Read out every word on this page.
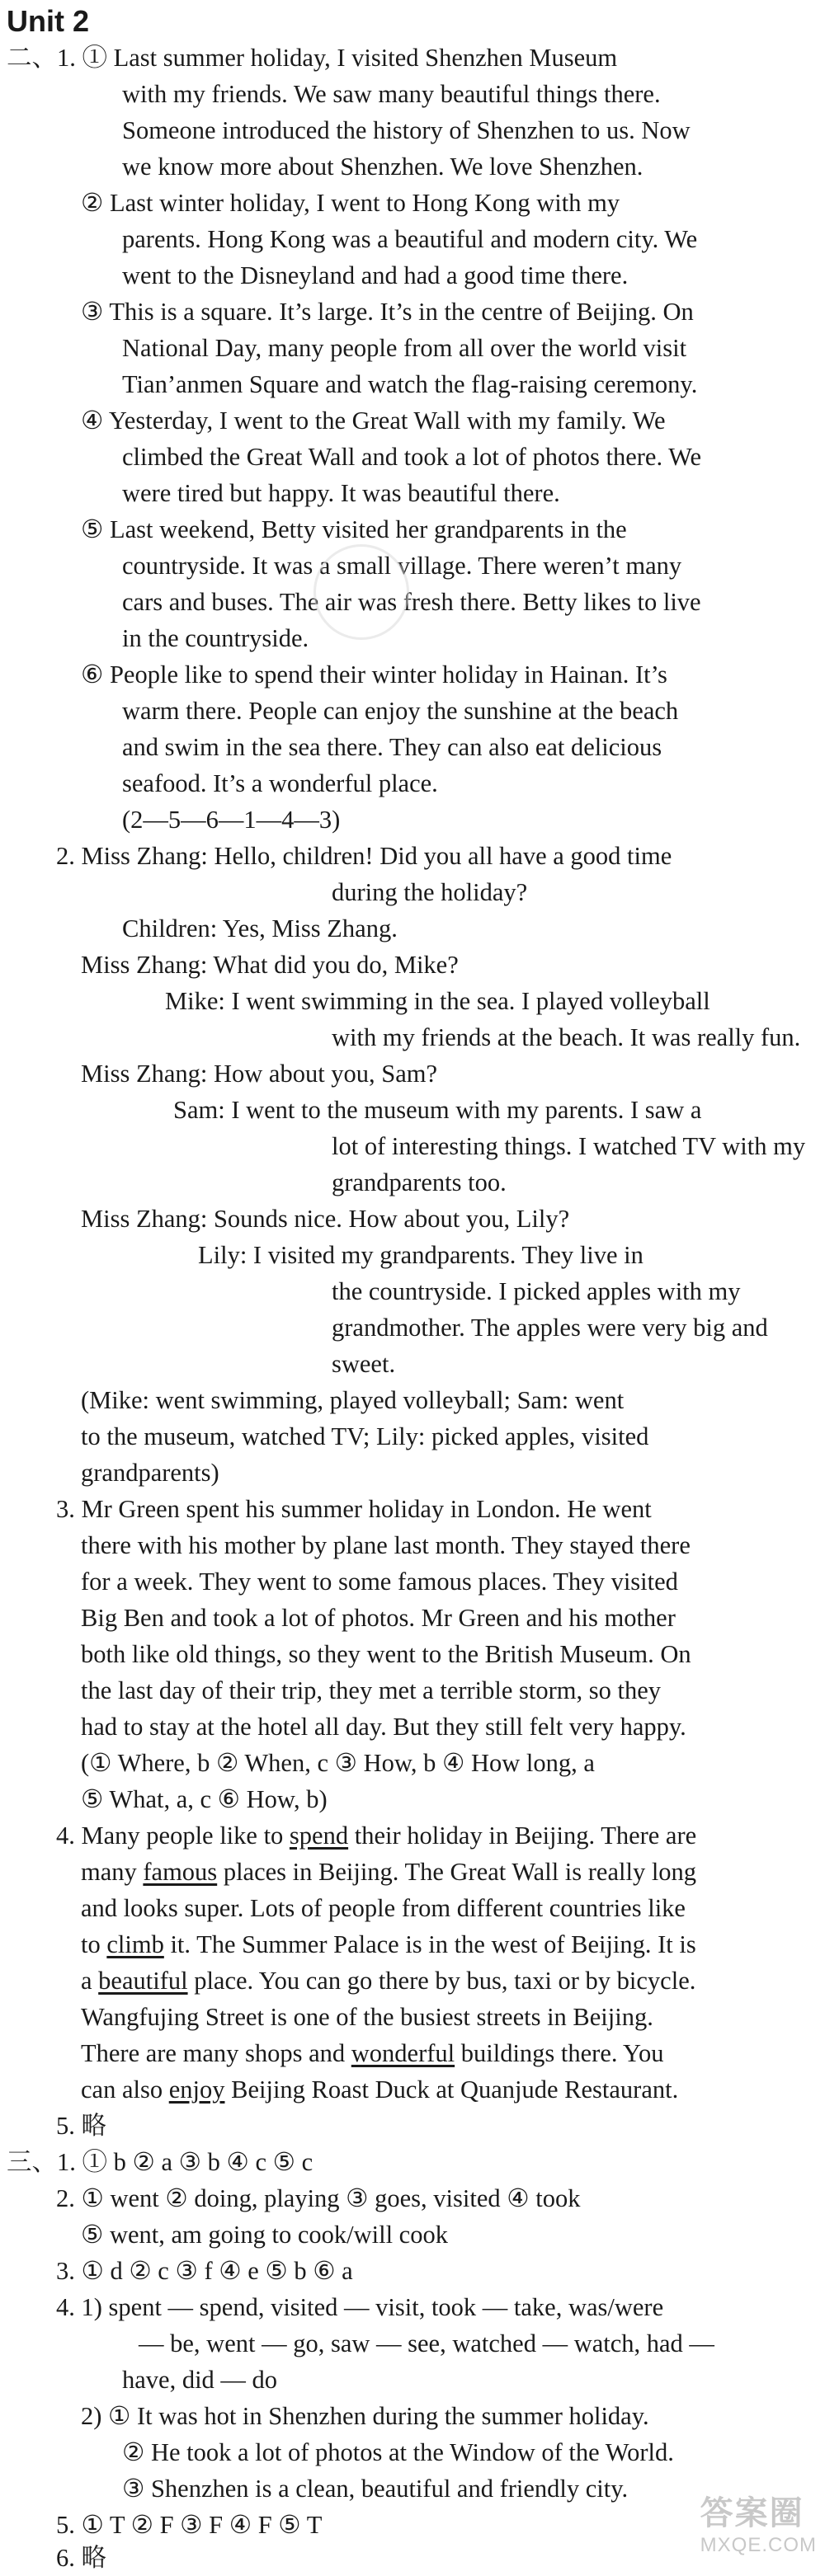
Unit 2
二、1. ① Last summer holiday, I visited Shenzhen Museum
with my friends. We saw many beautiful things there.
Someone introduced the history of Shenzhen to us. Now
we know more about Shenzhen. We love Shenzhen.
② Last winter holiday, I went to Hong Kong with my
parents. Hong Kong was a beautiful and modern city. We
went to the Disneyland and had a good time there.
③ This is a square. It’s large. It’s in the centre of Beijing. On
National Day, many people from all over the world visit
Tian’anmen Square and watch the flag-raising ceremony.
④ Yesterday, I went to the Great Wall with my family. We
climbed the Great Wall and took a lot of photos there. We
were tired but happy. It was beautiful there.
⑤ Last weekend, Betty visited her grandparents in the
countryside. It was a small village. There weren’t many
cars and buses. The air was fresh there. Betty likes to live
in the countryside.
⑥ People like to spend their winter holiday in Hainan. It’s
warm there. People can enjoy the sunshine at the beach
and swim in the sea there. They can also eat delicious
seafood. It’s a wonderful place.
(2—5—6—1—4—3)
2. Miss Zhang: Hello, children! Did you all have a good time
during the holiday?
Children: Yes, Miss Zhang.
Miss Zhang: What did you do, Mike?
Mike: I went swimming in the sea. I played volleyball
with my friends at the beach. It was really fun.
Miss Zhang: How about you, Sam?
Sam: I went to the museum with my parents. I saw a
lot of interesting things. I watched TV with my
grandparents too.
Miss Zhang: Sounds nice. How about you, Lily?
Lily: I visited my grandparents. They live in
the countryside. I picked apples with my
grandmother. The apples were very big and
sweet.
(Mike: went swimming, played volleyball; Sam: went
to the museum, watched TV; Lily: picked apples, visited
grandparents)
3. Mr Green spent his summer holiday in London. He went
there with his mother by plane last month. They stayed there
for a week. They went to some famous places. They visited
Big Ben and took a lot of photos. Mr Green and his mother
both like old things, so they went to the British Museum. On
the last day of their trip, they met a terrible storm, so they
had to stay at the hotel all day. But they still felt very happy.
(① Where, b ② When, c ③ How, b ④ How long, a
⑤ What, a, c ⑥ How, b)
4. Many people like to spend their holiday in Beijing. There are
many famous places in Beijing. The Great Wall is really long
and looks super. Lots of people from different countries like
to climb it. The Summer Palace is in the west of Beijing. It is
a beautiful place. You can go there by bus, taxi or by bicycle.
Wangfujing Street is one of the busiest streets in Beijing.
There are many shops and wonderful buildings there. You
can also enjoy Beijing Roast Duck at Quanjude Restaurant.
5. 略
三、1. ① b ② a ③ b ④ c ⑤ c
2. ① went ② doing, playing ③ goes, visited ④ took
⑤ went, am going to cook/will cook
3. ① d ② c ③ f ④ e ⑤ b ⑥ a
4. 1) spent — spend, visited — visit, took — take, was/were
— be, went — go, saw — see, watched — watch, had —
have, did — do
2) ① It was hot in Shenzhen during the summer holiday.
② He took a lot of photos at the Window of the World.
③ Shenzhen is a clean, beautiful and friendly city.
5. ① T ② F ③ F ④ F ⑤ T
6. 略
答案圈
MXQE.COM
